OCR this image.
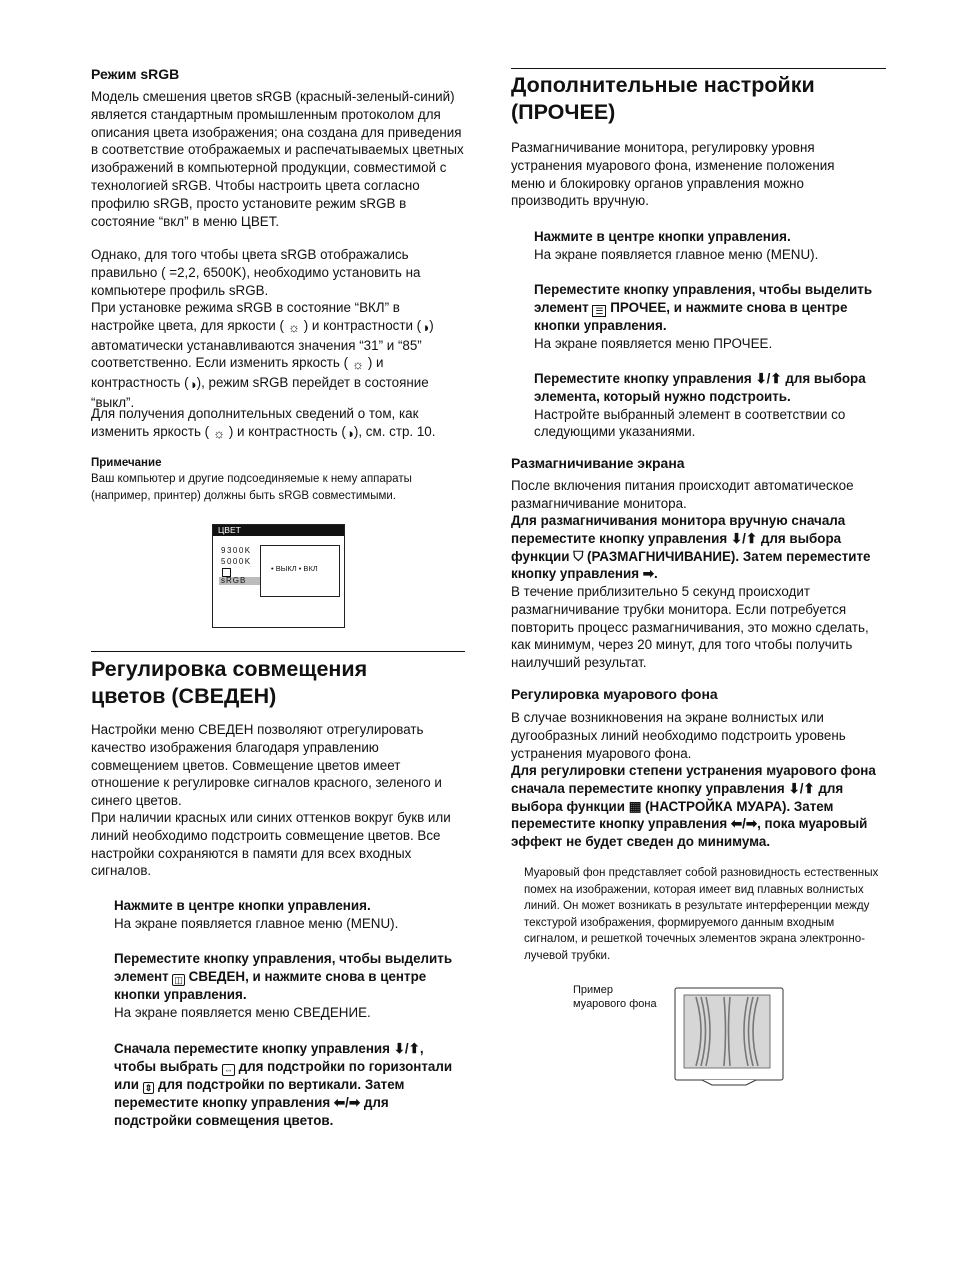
Режим sRGB

Модель смешения цветов sRGB (красный-зеленый-синий) является стандартным промышленным протоколом для описания цвета изображения; она создана для приведения в соответствие отображаемых и распечатываемых цветных изображений в компьютерной продукции, совместимой с технологией sRGB. Чтобы настроить цвета согласно профилю sRGB, просто установите режим sRGB в состояние “вкл” в меню ЦВЕТ.

Однако, для того чтобы цвета sRGB отображались правильно ( =2,2, 6500K), необходимо установить на компьютере профиль sRGB.

При установке режима sRGB в состояние “ВКЛ” в настройке цвета, для яркости ( ☼ ) и контрастности (◑) автоматически устанавливаются значения “31” и “85” соответственно. Если изменить яркость ( ☼ ) и контрастность (◑), режим sRGB перейдет в состояние “выкл”.

Для получения дополнительных сведений о том, как изменить яркость ( ☼ ) и контрастность (◑), см. стр. 10.

Примечание

Ваш компьютер и другие подсоединяемые к нему аппараты (например, принтер) должны быть sRGB совместимыми.

ЦВЕТ
9300K
5000K
sRGB
• ВЫКЛ • ВКЛ
Регулировка совмещения
цветов (СВЕДЕН)

Настройки меню СВЕДЕН позволяют отрегулировать качество изображения благодаря управлению совмещением цветов. Совмещение цветов имеет отношение к регулировке сигналов красного, зеленого и синего цветов.

При наличии красных или синих оттенков вокруг букв или линий необходимо подстроить совмещение цветов. Все настройки сохраняются в памяти для всех входных сигналов.

Нажмите в центре кнопки управления.
На экране появляется главное меню (MENU).

Переместите кнопку управления, чтобы выделить элемент ◫ СВЕДЕН, и нажмите снова в центре кнопки управления.
На экране появляется меню СВЕДЕНИЕ.

Сначала переместите кнопку управления ⬇/⬆, чтобы выбрать ⇔ для подстройки по горизонтали или ⇕ для подстройки по вертикали. Затем переместите кнопку управления ⬅/➡ для подстройки совмещения цветов.

Дополнительные настройки
(ПРОЧЕЕ)

Размагничивание монитора, регулировку уровня устранения муарового фона, изменение положения меню и блокировку органов управления можно производить вручную.

Нажмите в центре кнопки управления.
На экране появляется главное меню (MENU).

Переместите кнопку управления, чтобы выделить элемент ☰ ПРОЧЕЕ, и нажмите снова в центре кнопки управления.
На экране появляется меню ПРОЧЕЕ.

Переместите кнопку управления ⬇/⬆ для выбора элемента, который нужно подстроить.
Настройте выбранный элемент в соответствии со следующими указаниями.

Размагничивание экрана

После включения питания происходит автоматическое размагничивание монитора.

Для размагничивания монитора вручную сначала переместите кнопку управления ⬇/⬆ для выбора функции ⛉ (РАЗМАГНИЧИВАНИЕ). Затем переместите кнопку управления ➡.

В течение приблизительно 5 секунд происходит размагничивание трубки монитора. Если потребуется повторить процесс размагничивания, это можно сделать, как минимум, через 20 минут, для того чтобы получить наилучший результат.

Регулировка муарового фона

В случае возникновения на экране волнистых или дугообразных линий необходимо подстроить уровень устранения муарового фона.

Для регулировки степени устранения муарового фона сначала переместите кнопку управления ⬇/⬆ для выбора функции ▦ (НАСТРОЙКА МУАРА). Затем переместите кнопку управления ⬅/➡, пока муаровый эффект не будет сведен до минимума.

Муаровый фон представляет собой разновидность естественных помех на изображении, которая имеет вид плавных волнистых линий. Он может возникать в результате интерференции между текстурой изображения, формируемого данным входным сигналом, и решеткой точечных элементов экрана электронно-лучевой трубки.

Пример
муарового фона
